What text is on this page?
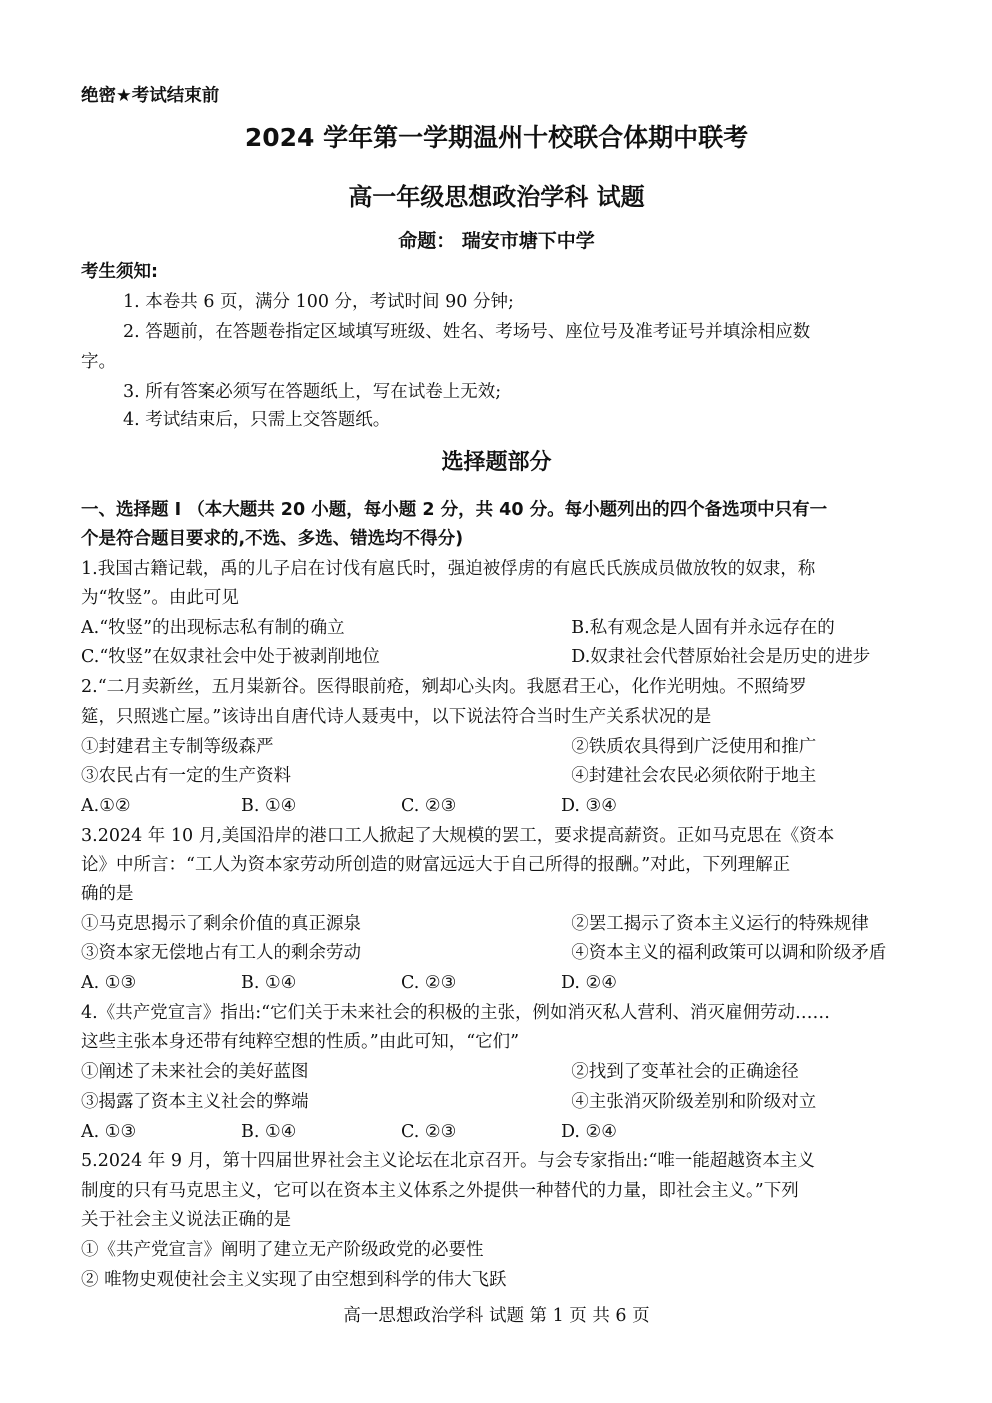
绝密★考试结束前
2024 学年第一学期温州十校联合体期中联考
高一年级思想政治学科 试题
命题： 瑞安市塘下中学
考生须知:
1. 本卷共 6 页，满分 100 分，考试时间 90 分钟;
2. 答题前，在答题卷指定区域填写班级、姓名、考场号、座位号及准考证号并填涂相应数
字。
3. 所有答案必须写在答题纸上，写在试卷上无效;
4. 考试结束后，只需上交答题纸。
选择题部分
一、选择题 I （本大题共 20 小题，每小题 2 分，共 40 分。每小题列出的四个备选项中只有一
个是符合题目要求的,不选、多选、错选均不得分)
1.我国古籍记载，禹的儿子启在讨伐有扈氏时，强迫被俘虏的有扈氏氏族成员做放牧的奴隶，称
为“牧竖”。由此可见
A.“牧竖”的出现标志私有制的确立	B.私有观念是人固有并永远存在的
C.“牧竖”在奴隶社会中处于被剥削地位	D.奴隶社会代替原始社会是历史的进步
2.“二月卖新丝，五月粜新谷。医得眼前疮，剜却心头肉。我愿君王心，化作光明烛。不照绮罗
筵，只照逃亡屋。”该诗出自唐代诗人聂夷中，以下说法符合当时生产关系状况的是
①封建君主专制等级森严	②铁质农具得到广泛使用和推广
③农民占有一定的生产资料	④封建社会农民必须依附于地主
A.①②	B. ①④	C. ②③	D. ③④
3.2024 年 10 月,美国沿岸的港口工人掀起了大规模的罢工，要求提高薪资。正如马克思在《资本
论》中所言：“工人为资本家劳动所创造的财富远远大于自己所得的报酬。”对此，下列理解正
确的是
①马克思揭示了剩余价值的真正源泉	②罢工揭示了资本主义运行的特殊规律
③资本家无偿地占有工人的剩余劳动	④资本主义的福利政策可以调和阶级矛盾
A. ①③	B. ①④	C. ②③	D. ②④
4.《共产党宣言》指出:“它们关于未来社会的积极的主张，例如消灭私人营利、消灭雇佣劳动……
这些主张本身还带有纯粹空想的性质。”由此可知，“它们”
①阐述了未来社会的美好蓝图	②找到了变革社会的正确途径
③揭露了资本主义社会的弊端	④主张消灭阶级差别和阶级对立
A. ①③	B. ①④	C. ②③	D. ②④
5.2024 年 9 月，第十四届世界社会主义论坛在北京召开。与会专家指出:“唯一能超越资本主义
制度的只有马克思主义，它可以在资本主义体系之外提供一种替代的力量，即社会主义。”下列
关于社会主义说法正确的是
①《共产党宣言》阐明了建立无产阶级政党的必要性
② 唯物史观使社会主义实现了由空想到科学的伟大飞跃
高一思想政治学科 试题 第 1 页 共 6 页
